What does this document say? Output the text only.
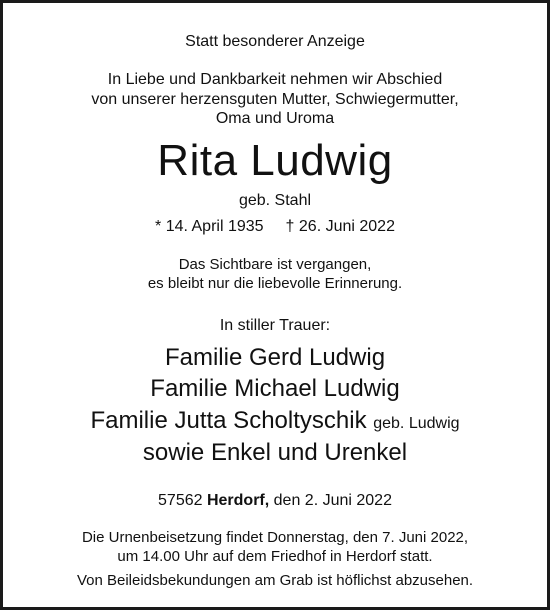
Statt besonderer Anzeige
In Liebe und Dankbarkeit nehmen wir Abschied
von unserer herzensguten Mutter, Schwiegermutter,
Oma und Uroma
Rita Ludwig
geb. Stahl
* 14. April 1935 † 26. Juni 2022
Das Sichtbare ist vergangen,
es bleibt nur die liebevolle Erinnerung.
In stiller Trauer:
Familie Gerd Ludwig
Familie Michael Ludwig
Familie Jutta Scholtyschik geb. Ludwig
sowie Enkel und Urenkel
57562 Herdorf, den 2. Juni 2022
Die Urnenbeisetzung findet Donnerstag, den 7. Juni 2022,
um 14.00 Uhr auf dem Friedhof in Herdorf statt.
Von Beileidsbekundungen am Grab ist höflichst abzusehen.
